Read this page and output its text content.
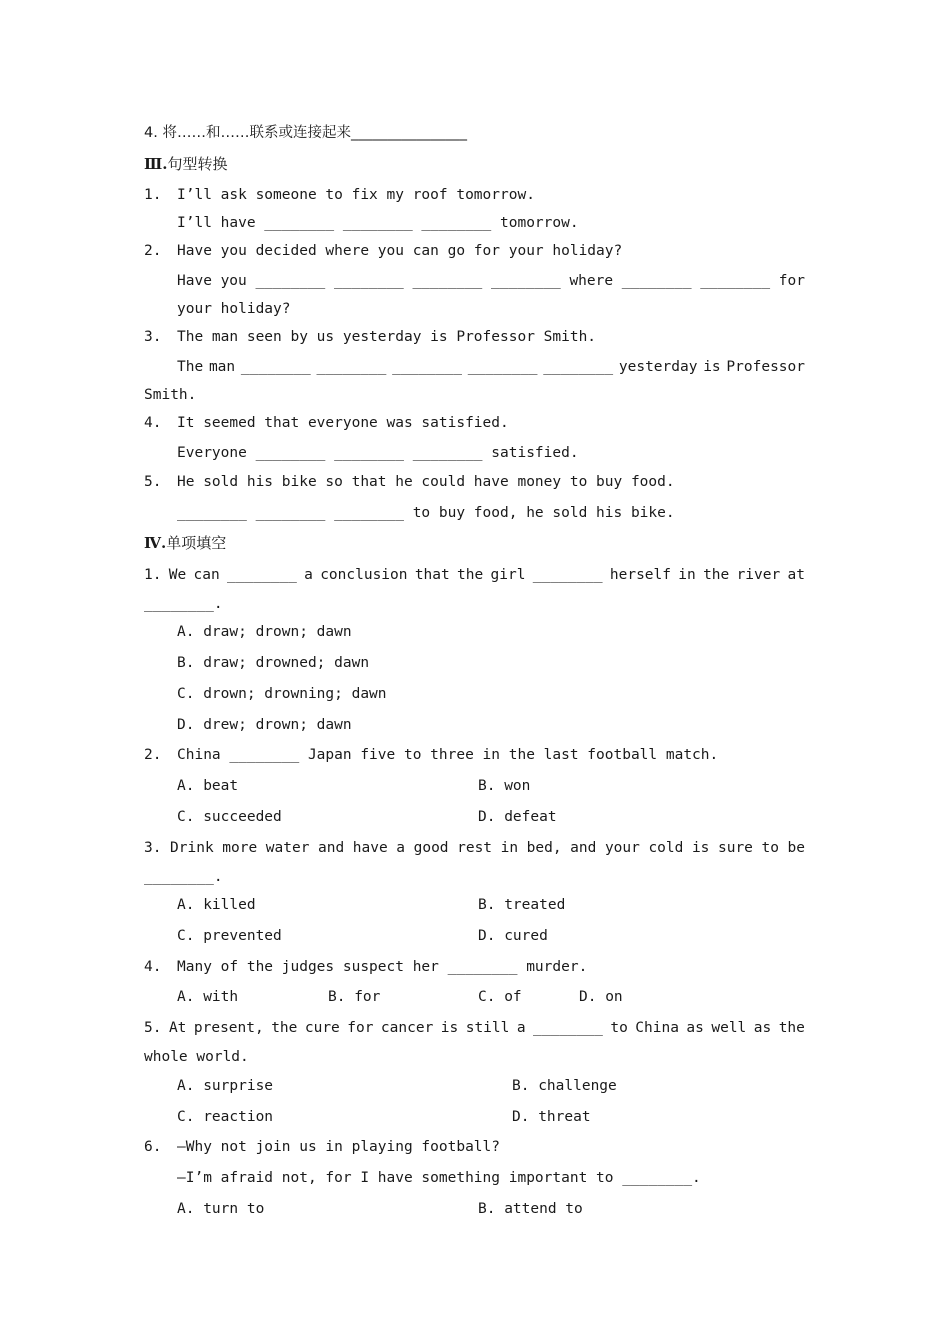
4. 将……和……联系或连接起来________________
Ⅲ.句型转换
1. I’ll ask someone to fix my roof tomorrow.
I’ll have ________ ________ ________ tomorrow.
2. Have you decided where you can go for your holiday?
Have you ________ ________ ________ ________ where ________ ________ for
your holiday?
3. The man seen by us yesterday is Professor Smith.
The man ________ ________ ________ ________ ________ yesterday is Professor
Smith.
4. It seemed that everyone was satisfied.
Everyone ________ ________ ________ satisfied.
5. He sold his bike so that he could have money to buy food.
________ ________ ________ to buy food, he sold his bike.
Ⅳ.单项填空
1. We can ________ a conclusion that the girl ________ herself in the river at
________.
A. draw; drown; dawn
B. draw; drowned; dawn
C. drown; drowning; dawn
D. drew; drown; dawn
2. China ________ Japan five to three in the last football match.
A. beat	B. won
C. succeeded	D. defeat
3. Drink more water and have a good rest in bed, and your cold is sure to be
________.
A. killed	B. treated
C. prevented	D. cured
4. Many of the judges suspect her ________ murder.
A. with	B. for	C. of	D. on
5. At present, the cure for cancer is still a ________ to China as well as the
whole world.
A. surprise	B. challenge
C. reaction	D. threat
6. —Why not join us in playing football?
—I’m afraid not, for I have something important to ________.
A. turn to	B. attend to
